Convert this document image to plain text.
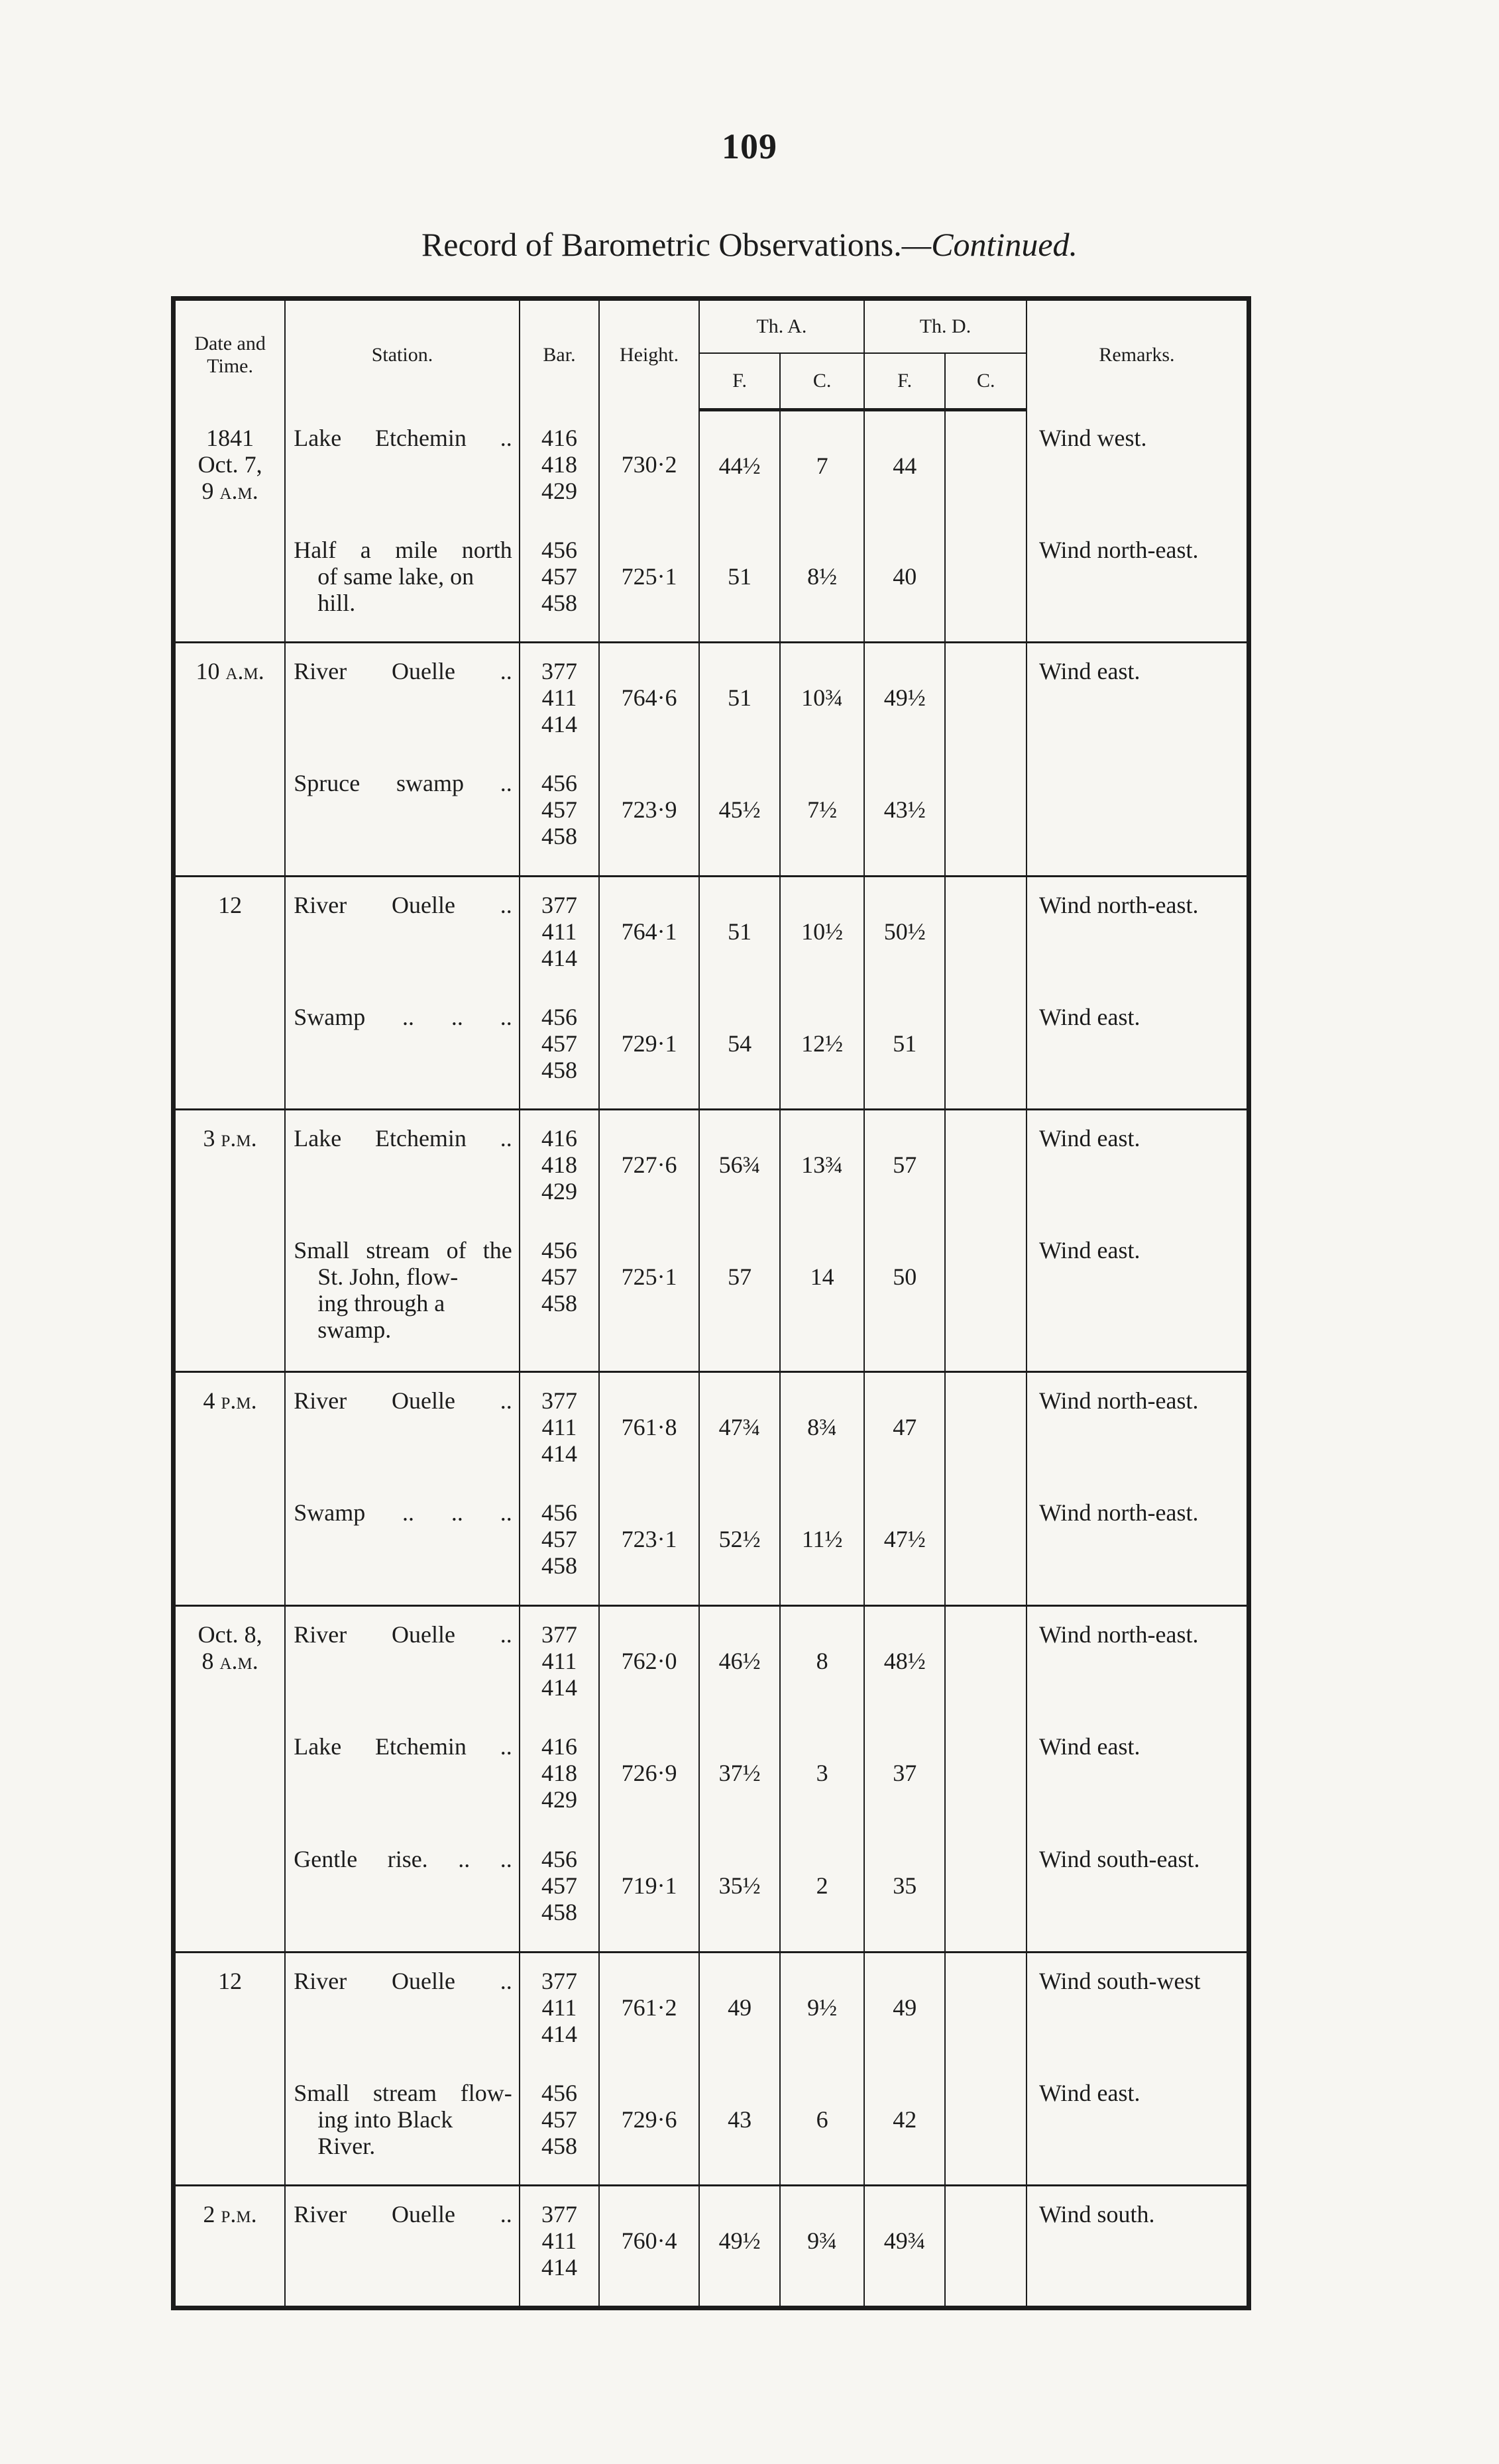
109
Record of Barometric Observations.—Continued.
Date and Time.	Station.	Bar.	Height.	Th. A.		Th. D.		Remarks.
				F.	C.	F.	C.	

1841
Oct. 7,
9 a.m.	Lake Etchemin ..	416
418
429	730·2	44½	7	44		Wind west.

	Half a mile north
of same lake, on
hill.	456
457
458	725·1	51	8½	40		Wind north-east.

10 a.m.	River Ouelle ..	377
411
414	764·6	51	10¾	49½		Wind east.

	Spruce swamp ..	456
457
458	723·9	45½	7½	43½		

12	River Ouelle ..	377
411
414	764·1	51	10½	50½		Wind north-east.

	Swamp .. .. ..	456
457
458	729·1	54	12½	51		Wind east.

3 p.m.	Lake Etchemin ..	416
418
429	727·6	56¾	13¾	57		Wind east.

	Small stream of the
St. John, flow-
ing through a
swamp.	456
457
458	725·1	57	14	50		Wind east.

4 p.m.	River Ouelle ..	377
411
414	761·8	47¾	8¾	47		Wind north-east.

	Swamp .. .. ..	456
457
458	723·1	52½	11½	47½		Wind north-east.

Oct. 8,
8 a.m.	River Ouelle ..	377
411
414	762·0	46½	8	48½		Wind north-east.

	Lake Etchemin ..	416
418
429	726·9	37½	3	37		Wind east.

	Gentle rise. .. ..	456
457
458	719·1	35½	2	35		Wind south-east.

12	River Ouelle ..	377
411
414	761·2	49	9½	49		Wind south-west

	Small stream flow-
ing into Black
River.	456
457
458	729·6	43	6	42		Wind east.

2 p.m.	River Ouelle ..	377
411
414	760·4	49½	9¾	49¾		Wind south.
